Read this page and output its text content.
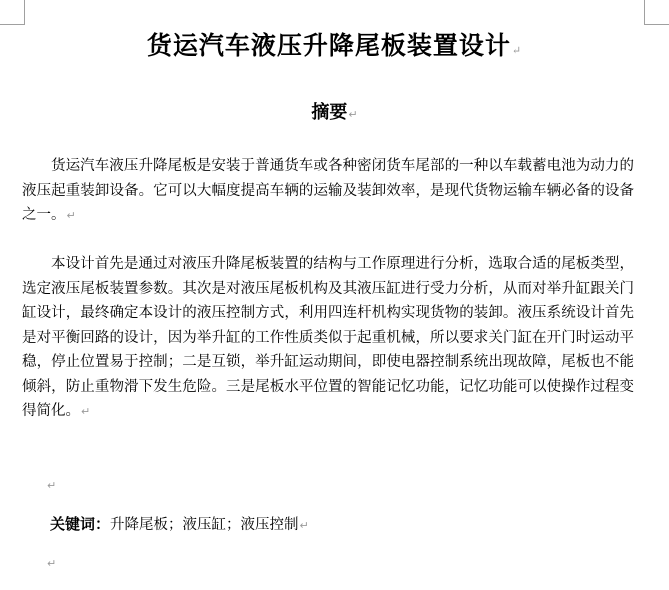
货运汽车液压升降尾板装置设计↵
摘要↵

货运汽车液压升降尾板是安装于普通货车或各种密闭货车尾部的一种以车载蓄电池为动力的液压起重装卸设备。它可以大幅度提高车辆的运输及装卸效率，是现代货物运输车辆必备的设备之一。↵

本设计首先是通过对液压升降尾板装置的结构与工作原理进行分析，选取合适的尾板类型，选定液压尾板装置参数。其次是对液压尾板机构及其液压缸进行受力分析，从而对举升缸跟关门缸设计，最终确定本设计的液压控制方式，利用四连杆机构实现货物的装卸。液压系统设计首先是对平衡回路的设计，因为举升缸的工作性质类似于起重机械，所以要求关门缸在开门时运动平稳，停止位置易于控制；二是互锁，举升缸运动期间，即使电器控制系统出现故障，尾板也不能倾斜，防止重物滑下发生危险。三是尾板水平位置的智能记忆功能，记忆功能可以使操作过程变得简化。↵

↵
关键词：升降尾板；液压缸；液压控制↵
↵
